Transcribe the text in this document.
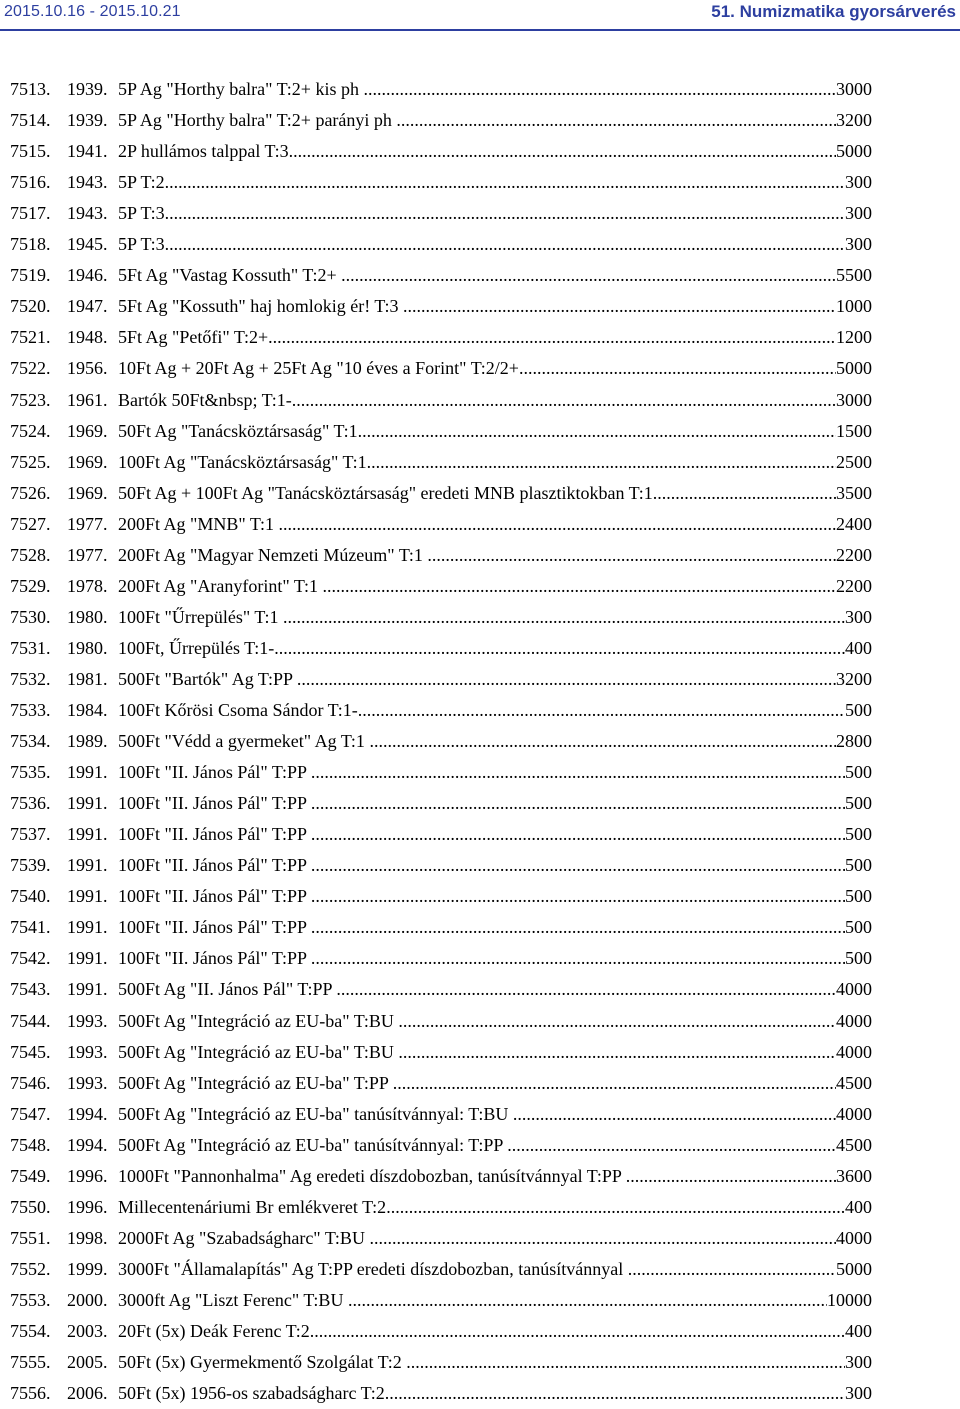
2015.10.16 - 2015.10.21	51. Numizmatika gyorsárverés
7513. 1939. 5P Ag "Horthy balra" T:2+ kis ph .....	3000
7514. 1939. 5P Ag "Horthy balra" T:2+ parányi ph .....	3200
7515. 1941. 2P hullámos talppal T:3 .....	5000
7516. 1943. 5P T:2 .....	300
7517. 1943. 5P T:3 .....	300
7518. 1945. 5P T:3 .....	300
7519. 1946. 5Ft Ag "Vastag Kossuth" T:2+ .....	5500
7520. 1947. 5Ft Ag "Kossuth" haj homlokig ér! T:3 .....	1000
7521. 1948. 5Ft Ag "Petőfi" T:2+ .....	1200
7522. 1956. 10Ft Ag + 20Ft Ag + 25Ft Ag "10 éves a Forint" T:2/2+ .....	5000
7523. 1961. Bartók 50Ft&nbsp; T:1- .....	3000
7524. 1969. 50Ft Ag "Tanácsköztársaság" T:1 .....	1500
7525. 1969. 100Ft Ag "Tanácsköztársaság" T:1 .....	2500
7526. 1969. 50Ft Ag + 100Ft Ag "Tanácsköztársaság" eredeti MNB plasztiktokban T:1 .....	3500
7527. 1977. 200Ft Ag "MNB" T:1 .....	2400
7528. 1977. 200Ft Ag "Magyar Nemzeti Múzeum" T:1 .....	2200
7529. 1978. 200Ft Ag "Aranyforint" T:1 .....	2200
7530. 1980. 100Ft "Űrrepülés" T:1 .....	300
7531. 1980. 100Ft, Űrrepülés T:1- .....	400
7532. 1981. 500Ft "Bartók" Ag T:PP .....	3200
7533. 1984. 100Ft Kőrösi Csoma Sándor T:1- .....	500
7534. 1989. 500Ft "Védd a gyermeket" Ag T:1 .....	2800
7535. 1991. 100Ft "II. János Pál" T:PP .....	500
7536. 1991. 100Ft "II. János Pál" T:PP .....	500
7537. 1991. 100Ft "II. János Pál" T:PP .....	500
7539. 1991. 100Ft "II. János Pál" T:PP .....	500
7540. 1991. 100Ft "II. János Pál" T:PP .....	500
7541. 1991. 100Ft "II. János Pál" T:PP .....	500
7542. 1991. 100Ft "II. János Pál" T:PP .....	500
7543. 1991. 500Ft Ag "II. János Pál" T:PP .....	4000
7544. 1993. 500Ft Ag "Integráció az EU-ba" T:BU .....	4000
7545. 1993. 500Ft Ag "Integráció az EU-ba" T:BU .....	4000
7546. 1993. 500Ft Ag "Integráció az EU-ba" T:PP .....	4500
7547. 1994. 500Ft Ag "Integráció az EU-ba" tanúsítvánnyal: T:BU .....	4000
7548. 1994. 500Ft Ag "Integráció az EU-ba" tanúsítvánnyal: T:PP .....	4500
7549. 1996. 1000Ft "Pannonhalma" Ag eredeti díszdobozban, tanúsítvánnyal T:PP .....	3600
7550. 1996. Millecentenáriumi Br emlékveret T:2 .....	400
7551. 1998. 2000Ft Ag "Szabadságharc" T:BU .....	4000
7552. 1999. 3000Ft "Államalapítás" Ag T:PP eredeti díszdobozban, tanúsítvánnyal .....	5000
7553. 2000. 3000ft Ag "Liszt Ferenc" T:BU .....	10000
7554. 2003. 20Ft (5x) Deák Ferenc T:2 .....	400
7555. 2005. 50Ft (5x) Gyermekmentő Szolgálat T:2 .....	300
7556. 2006. 50Ft (5x) 1956-os szabadságharc T:2 .....	300
